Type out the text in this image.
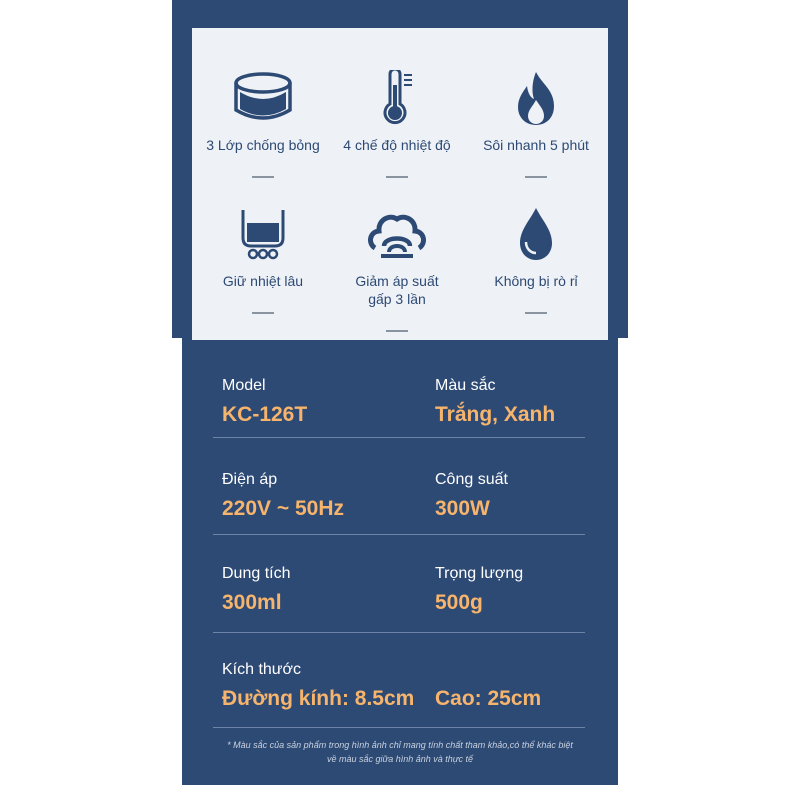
3 Lớp chống bỏng	4 chế độ nhiệt độ	Sôi nhanh 5 phút
Giữ nhiệt lâu	Giảm áp suất
gấp 3 lần
Không bị rò rỉ
Model
KC-126T
Màu sắc
Trắng, Xanh
Điện áp
220V ~ 50Hz
Công suất
300W
Dung tích
300ml
Trọng lượng
500g
Kích thước
Đường kính: 8.5cm Cao: 25cm
* Màu sắc của sản phẩm trong hình ảnh chỉ mang tính chất tham khảo,có thể khác biệt
về màu sắc giữa hình ảnh và thực tế
